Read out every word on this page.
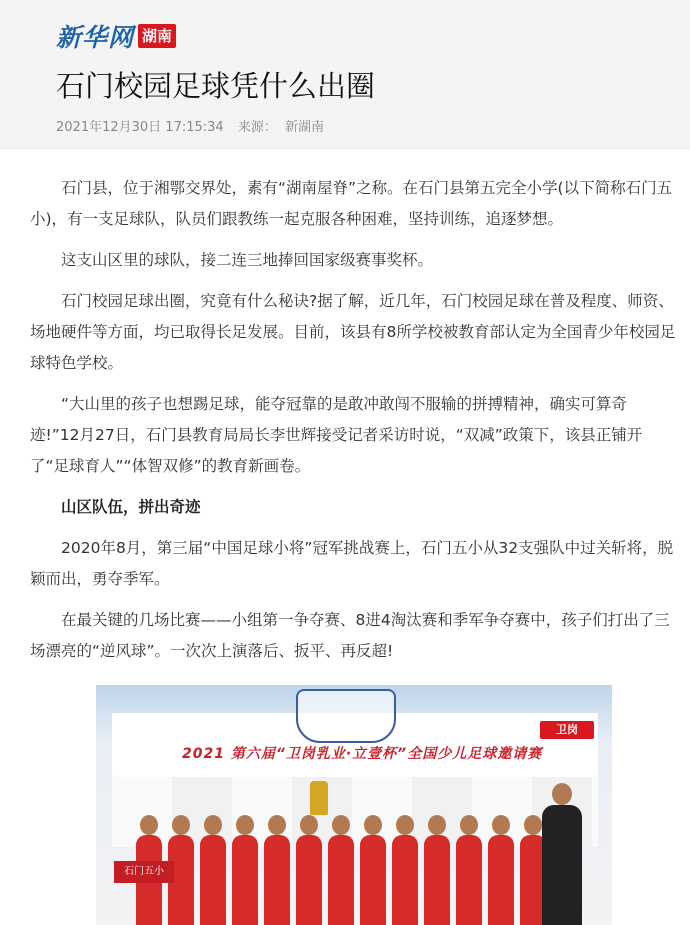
新华网 湖南
石门校园足球凭什么出圈
2021年12月30日 17:15:34 来源： 新湖南

石门县，位于湘鄂交界处，素有“湖南屋脊”之称。在石门县第五完全小学(以下简称石门五小)，有一支足球队，队员们跟教练一起克服各种困难，坚持训练，追逐梦想。

这支山区里的球队，接二连三地捧回国家级赛事奖杯。

石门校园足球出圈，究竟有什么秘诀?据了解，近几年，石门校园足球在普及程度、师资、场地硬件等方面，均已取得长足发展。目前，该县有8所学校被教育部认定为全国青少年校园足球特色学校。

“大山里的孩子也想踢足球，能夺冠靠的是敢冲敢闯不服输的拼搏精神，确实可算奇迹!”12月27日，石门县教育局局长李世辉接受记者采访时说，“双减”政策下，该县正铺开了“足球育人”“体智双修”的教育新画卷。

山区队伍，拼出奇迹

2020年8月，第三届“中国足球小将”冠军挑战赛上，石门五小从32支强队中过关斩将，脱颖而出，勇夺季军。

在最关键的几场比赛——小组第一争夺赛、8进4淘汰赛和季军争夺赛中，孩子们打出了三场漂亮的“逆风球”。一次次上演落后、扳平、再反超!

卫岗
2021 第六届“卫岗乳业·立壹杯”全国少儿足球邀请赛
石门五小
